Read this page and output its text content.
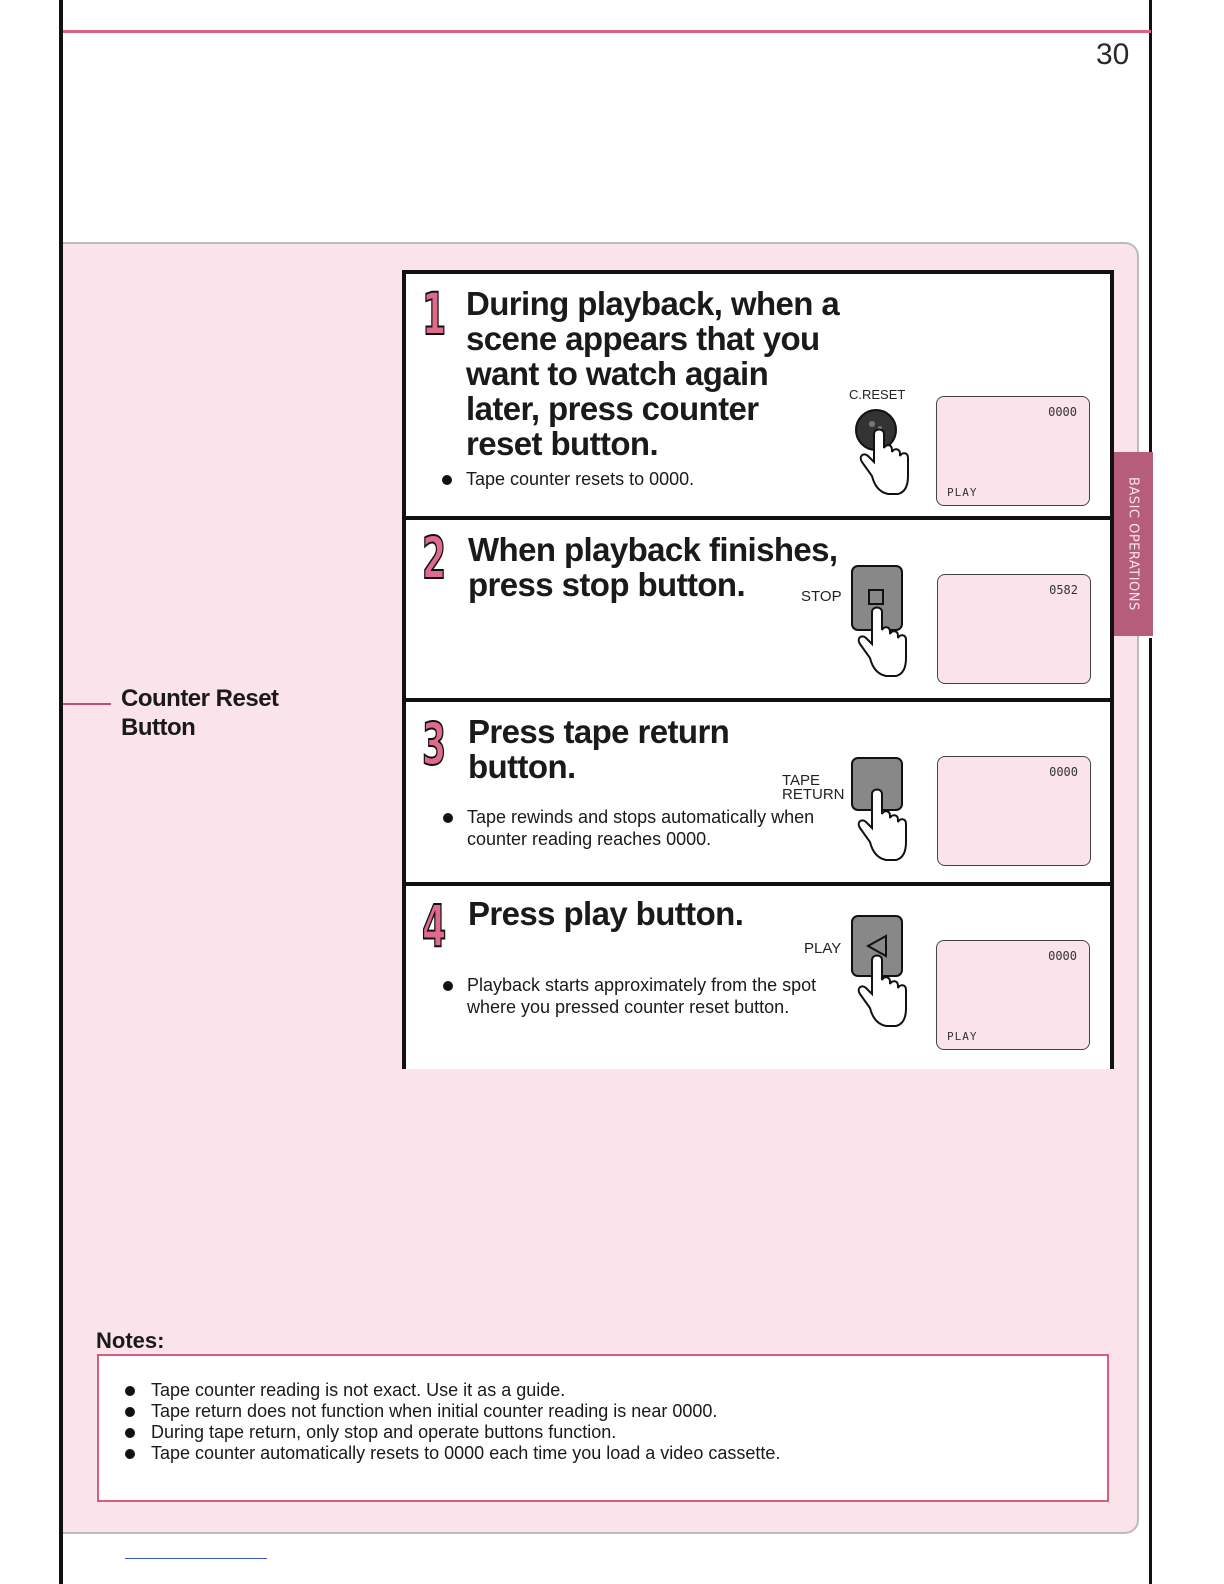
30
BASIC OPERATIONS
Counter Reset
Button
1 During playback, when a
scene appears that you
want to watch again
later, press counter
reset button.
Tape counter resets to 0000.
C.RESET
0000
PLAY
2 When playback finishes,
press stop button.	STOP	0582
3 Press tape return
button.
Tape rewinds and stops automatically when
counter reading reaches 0000.
TAPE
RETURN
0000
4 Press play button.
Playback starts approximately from the spot
where you pressed counter reset button.
PLAY	0000
PLAY
Notes:
Tape counter reading is not exact. Use it as a guide.
Tape return does not function when initial counter reading is near 0000.
During tape return, only stop and operate buttons function.
Tape counter automatically resets to 0000 each time you load a video cassette.
